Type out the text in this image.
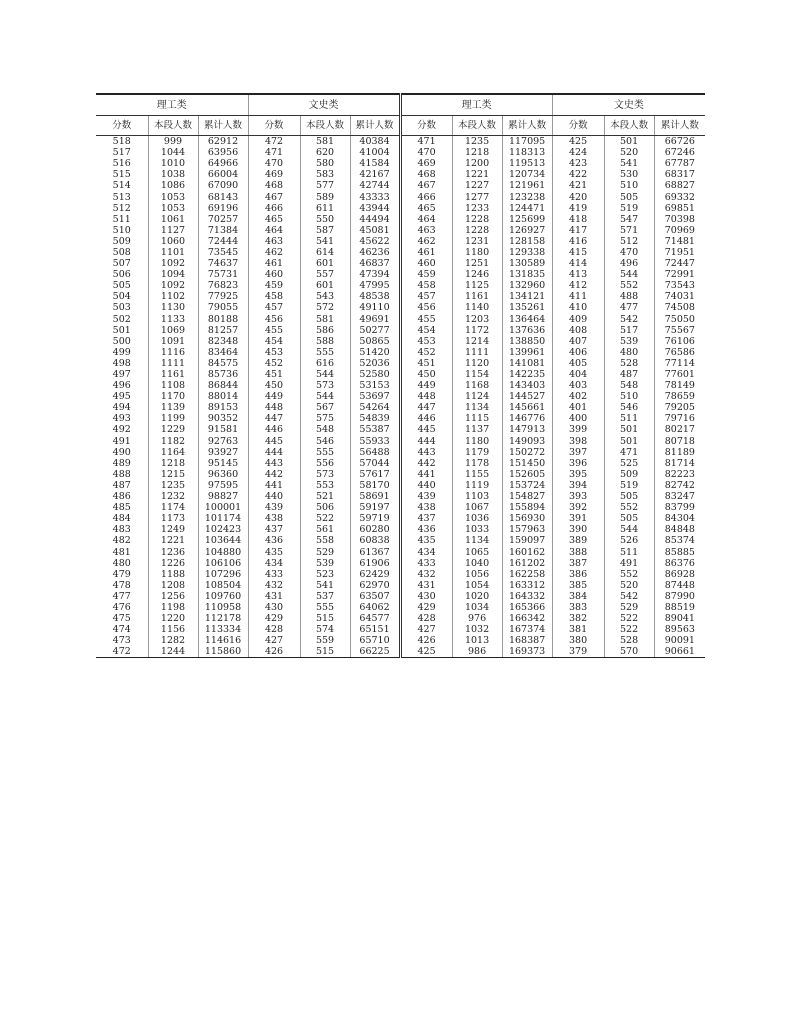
理工类			文史类			理工类			文史类		
分数	本段人数	累计人数	分数	本段人数	累计人数	分数	本段人数	累计人数	分数	本段人数	累计人数
518	999	62912	472	581	40384	471	1235	117095	425	501	66726
517	1044	63956	471	620	41004	470	1218	118313	424	520	67246
516	1010	64966	470	580	41584	469	1200	119513	423	541	67787
515	1038	66004	469	583	42167	468	1221	120734	422	530	68317
514	1086	67090	468	577	42744	467	1227	121961	421	510	68827
513	1053	68143	467	589	43333	466	1277	123238	420	505	69332
512	1053	69196	466	611	43944	465	1233	124471	419	519	69851
511	1061	70257	465	550	44494	464	1228	125699	418	547	70398
510	1127	71384	464	587	45081	463	1228	126927	417	571	70969
509	1060	72444	463	541	45622	462	1231	128158	416	512	71481
508	1101	73545	462	614	46236	461	1180	129338	415	470	71951
507	1092	74637	461	601	46837	460	1251	130589	414	496	72447
506	1094	75731	460	557	47394	459	1246	131835	413	544	72991
505	1092	76823	459	601	47995	458	1125	132960	412	552	73543
504	1102	77925	458	543	48538	457	1161	134121	411	488	74031
503	1130	79055	457	572	49110	456	1140	135261	410	477	74508
502	1133	80188	456	581	49691	455	1203	136464	409	542	75050
501	1069	81257	455	586	50277	454	1172	137636	408	517	75567
500	1091	82348	454	588	50865	453	1214	138850	407	539	76106
499	1116	83464	453	555	51420	452	1111	139961	406	480	76586
498	1111	84575	452	616	52036	451	1120	141081	405	528	77114
497	1161	85736	451	544	52580	450	1154	142235	404	487	77601
496	1108	86844	450	573	53153	449	1168	143403	403	548	78149
495	1170	88014	449	544	53697	448	1124	144527	402	510	78659
494	1139	89153	448	567	54264	447	1134	145661	401	546	79205
493	1199	90352	447	575	54839	446	1115	146776	400	511	79716
492	1229	91581	446	548	55387	445	1137	147913	399	501	80217
491	1182	92763	445	546	55933	444	1180	149093	398	501	80718
490	1164	93927	444	555	56488	443	1179	150272	397	471	81189
489	1218	95145	443	556	57044	442	1178	151450	396	525	81714
488	1215	96360	442	573	57617	441	1155	152605	395	509	82223
487	1235	97595	441	553	58170	440	1119	153724	394	519	82742
486	1232	98827	440	521	58691	439	1103	154827	393	505	83247
485	1174	100001	439	506	59197	438	1067	155894	392	552	83799
484	1173	101174	438	522	59719	437	1036	156930	391	505	84304
483	1249	102423	437	561	60280	436	1033	157963	390	544	84848
482	1221	103644	436	558	60838	435	1134	159097	389	526	85374
481	1236	104880	435	529	61367	434	1065	160162	388	511	85885
480	1226	106106	434	539	61906	433	1040	161202	387	491	86376
479	1188	107296	433	523	62429	432	1056	162258	386	552	86928
478	1208	108504	432	541	62970	431	1054	163312	385	520	87448
477	1256	109760	431	537	63507	430	1020	164332	384	542	87990
476	1198	110958	430	555	64062	429	1034	165366	383	529	88519
475	1220	112178	429	515	64577	428	976	166342	382	522	89041
474	1156	113334	428	574	65151	427	1032	167374	381	522	89563
473	1282	114616	427	559	65710	426	1013	168387	380	528	90091
472	1244	115860	426	515	66225	425	986	169373	379	570	90661
